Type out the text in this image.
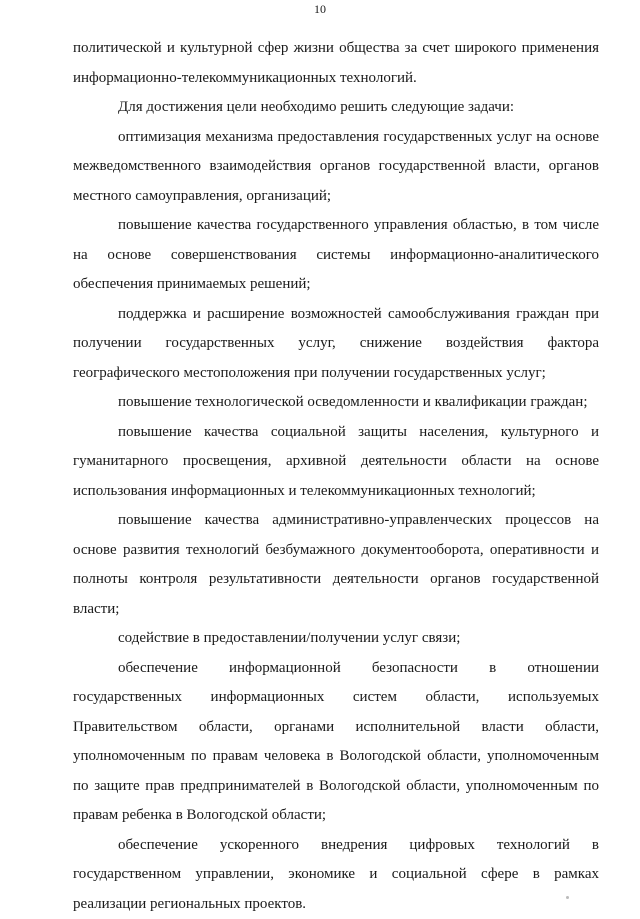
10

политической и культурной сфер жизни общества за счет широкого применения информационно-телекоммуникационных технологий.

Для достижения цели необходимо решить следующие задачи:

оптимизация механизма предоставления государственных услуг на основе межведомственного взаимодействия органов государственной власти, органов местного самоуправления, организаций;

повышение качества государственного управления областью, в том числе на основе совершенствования системы информационно-аналитического обеспечения принимаемых решений;

поддержка и расширение возможностей самообслуживания граждан при получении государственных услуг, снижение воздействия фактора географического местоположения при получении государственных услуг;

повышение технологической осведомленности и квалификации граждан;

повышение качества социальной защиты населения, культурного и гуманитарного просвещения, архивной деятельности области на основе использования информационных и телекоммуникационных технологий;

повышение качества административно-управленческих процессов на основе развития технологий безбумажного документооборота, оперативности и полноты контроля результативности деятельности органов государственной власти;

содействие в предоставлении/получении услуг связи;

обеспечение информационной безопасности в отношении государственных информационных систем области, используемых Правительством области, органами исполнительной власти области, уполномоченным по правам человека в Вологодской области, уполномоченным по защите прав предпринимателей в Вологодской области, уполномоченным по правам ребенка в Вологодской области;

обеспечение ускоренного внедрения цифровых технологий в государственном управлении, экономике и социальной сфере в рамках реализации региональных проектов.
